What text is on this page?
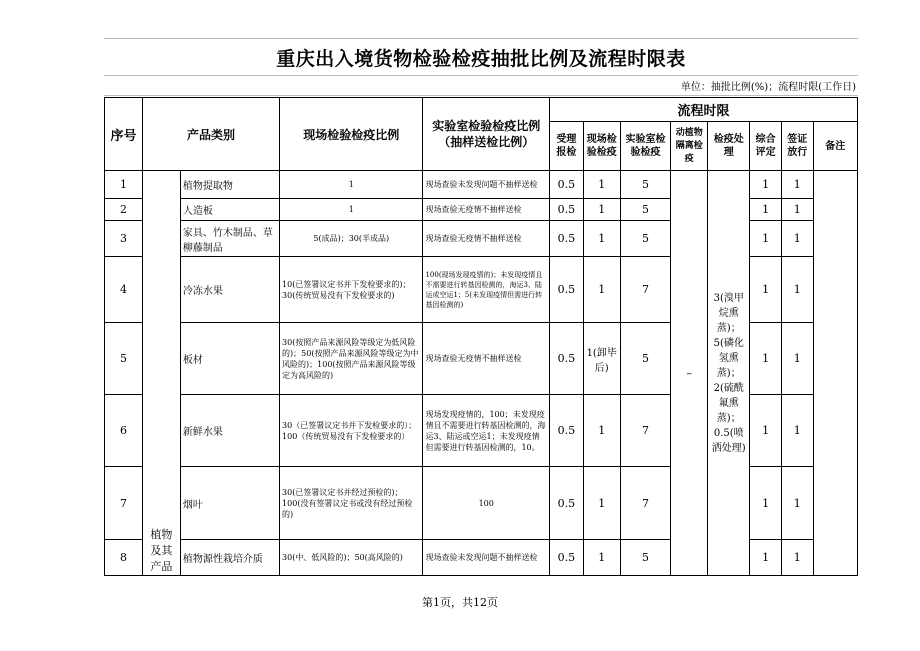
重庆出入境货物检验检疫抽批比例及流程时限表
单位：抽批比例(%)；流程时限(工作日)
序号	产品类别		现场检验检疫比例	实验室检验检疫比例（抽样送检比例）	流程时限							
					受理报检	现场检验检疫	实验室检验检疫	动植物隔离检疫	检疫处理	综合评定	签证放行	备注
1	植物及其产品	植物提取物	1	现场查验未发现问题不抽样送检	0.5	1	5	–	3(溴甲烷熏蒸)；5(磷化氢熏蒸)；2(硫酰氟熏蒸)；0.5(喷洒处理)	1	1	
2		人造板	1	现场查验无疫情不抽样送检	0.5	1	5			1	1	
3		家具、竹木制品、草柳藤制品	5(成品)；30(半成品)	现场查验无疫情不抽样送检	0.5	1	5			1	1	
4		冷冻水果	10(已签署议定书并下发检要求的)；30(传统贸易没有下发检要求的)	100(现场发现疫情的)；未发现疫情且不需要进行转基因检测的，海运3、陆运或空运1；5(未发现疫情但需进行转基因检测的)	0.5	1	7			1	1	
5		板材	30(按照产品来源风险等级定为低风险的)；50(按照产品来源风险等级定为中风险的)；100(按照产品来源风险等级定为高风险的)	现场查验无疫情不抽样送检	0.5	1(卸毕后)	5			1	1	
6		新鲜水果	30（已签署议定书并下发检要求的）；100（传统贸易没有下发检要求的）	现场发现疫情的，100；未发现疫情且不需要进行转基因检测的，海运3、陆运或空运1；未发现疫情但需要进行转基因检测的，10。	0.5	1	7			1	1	
7		烟叶	30(已签署议定书并经过预检的)；100(没有签署议定书或没有经过预检的)	100	0.5	1	7			1	1	
8		植物源性栽培介质	30(中、低风险的)；50(高风险的)	现场查验未发现问题不抽样送检	0.5	1	5			1	1	
第1页，共12页
